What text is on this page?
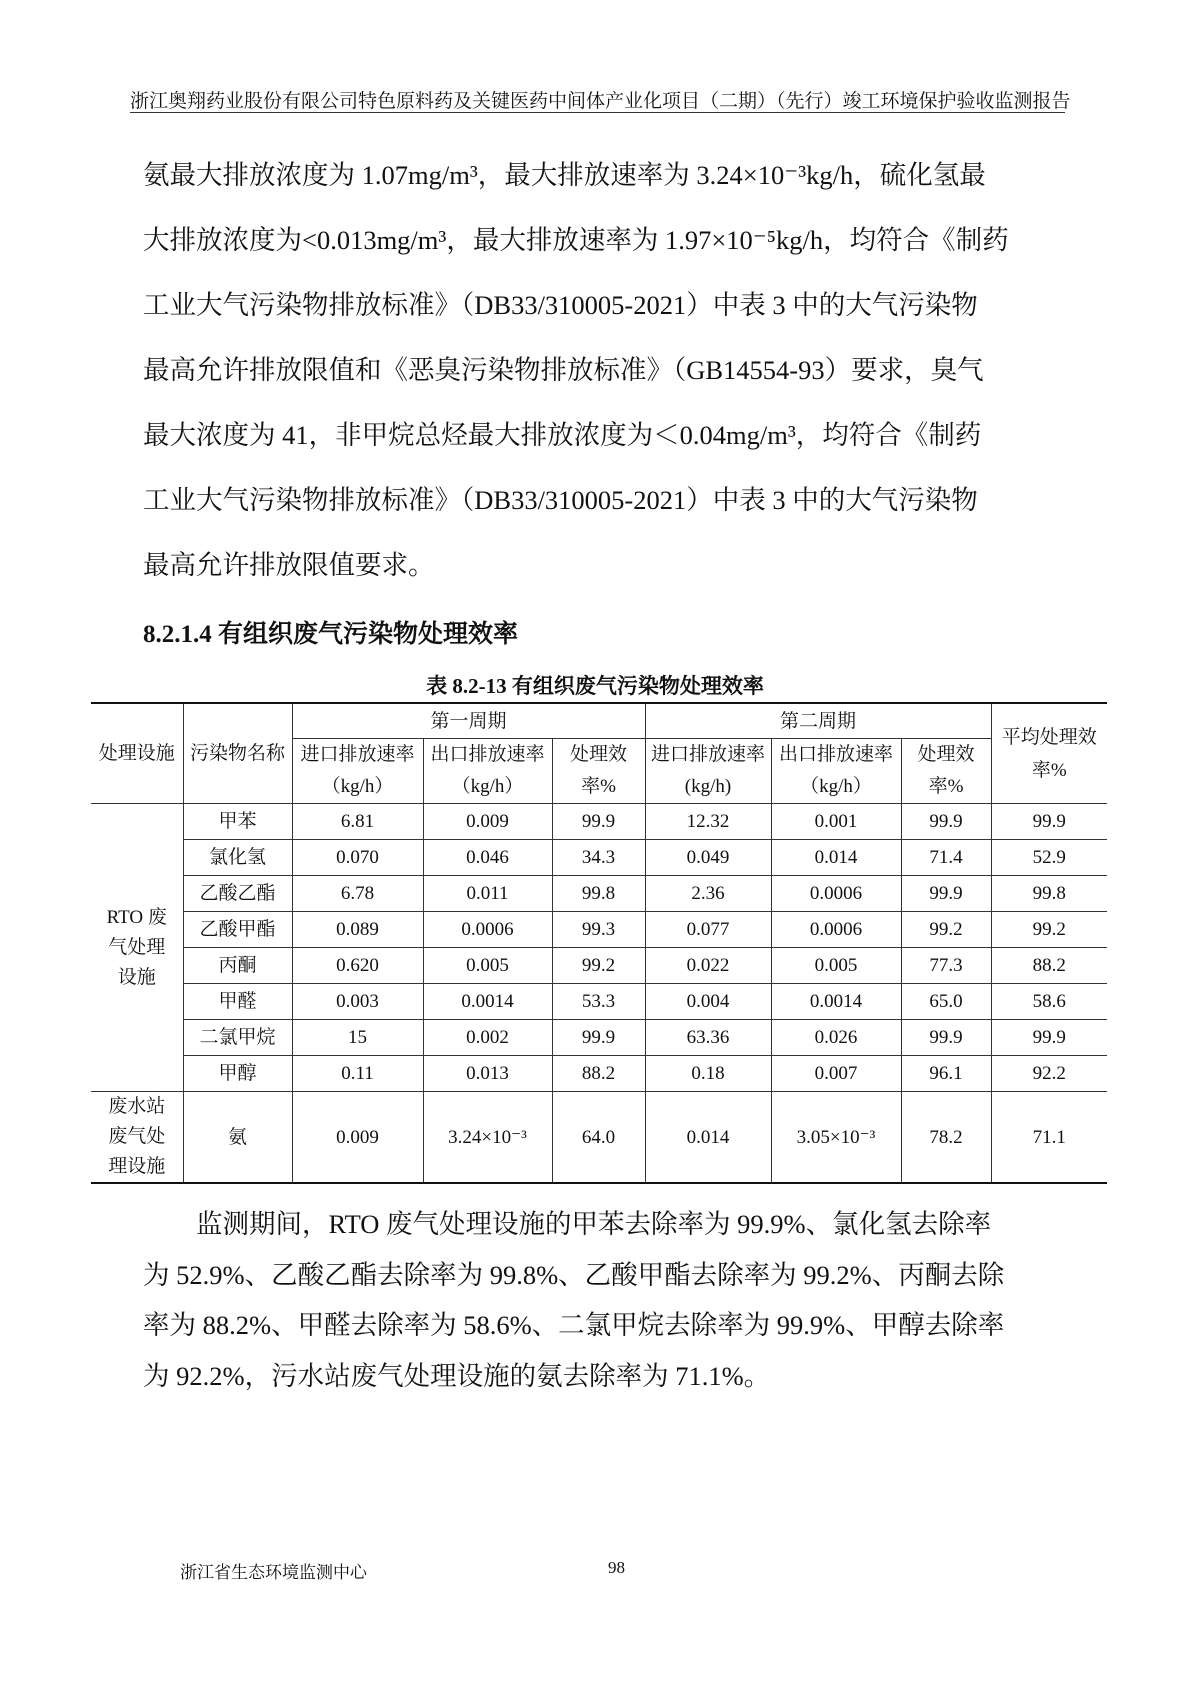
浙江奥翔药业股份有限公司特色原料药及关键医药中间体产业化项目（二期）（先行）竣工环境保护验收监测报告

氨最大排放浓度为 1.07mg/m³，最大排放速率为 3.24×10⁻³kg/h，硫化氢最

大排放浓度为<0.013mg/m³，最大排放速率为 1.97×10⁻⁵kg/h，均符合《制药

工业大气污染物排放标准》（DB33/310005-2021）中表 3 中的大气污染物

最高允许排放限值和《恶臭污染物排放标准》（GB14554-93）要求，臭气

最大浓度为 41，非甲烷总烃最大排放浓度为＜0.04mg/m³，均符合《制药

工业大气污染物排放标准》（DB33/310005-2021）中表 3 中的大气污染物

最高允许排放限值要求。

8.2.1.4 有组织废气污染物处理效率
表 8.2-13 有组织废气污染物处理效率
处理设施	污染物名称	第一周期			第二周期			平均处理效率%
		进口排放速率（kg/h）	出口排放速率（kg/h）	处理效率%	进口排放速率(kg/h)	出口排放速率（kg/h）	处理效率%	
RTO 废气处理设施	甲苯	6.81	0.009	99.9	12.32	0.001	99.9	99.9
	氯化氢	0.070	0.046	34.3	0.049	0.014	71.4	52.9
	乙酸乙酯	6.78	0.011	99.8	2.36	0.0006	99.9	99.8
	乙酸甲酯	0.089	0.0006	99.3	0.077	0.0006	99.2	99.2
	丙酮	0.620	0.005	99.2	0.022	0.005	77.3	88.2
	甲醛	0.003	0.0014	53.3	0.004	0.0014	65.0	58.6
	二氯甲烷	15	0.002	99.9	63.36	0.026	99.9	99.9
	甲醇	0.11	0.013	88.2	0.18	0.007	96.1	92.2
废水站废气处理设施	氨	0.009	3.24×10⁻³	64.0	0.014	3.05×10⁻³	78.2	71.1

　　监测期间，RTO 废气处理设施的甲苯去除率为 99.9%、氯化氢去除率

为 52.9%、乙酸乙酯去除率为 99.8%、乙酸甲酯去除率为 99.2%、丙酮去除

率为 88.2%、甲醛去除率为 58.6%、二氯甲烷去除率为 99.9%、甲醇去除率

为 92.2%，污水站废气处理设施的氨去除率为 71.1%。

浙江省生态环境监测中心	98
